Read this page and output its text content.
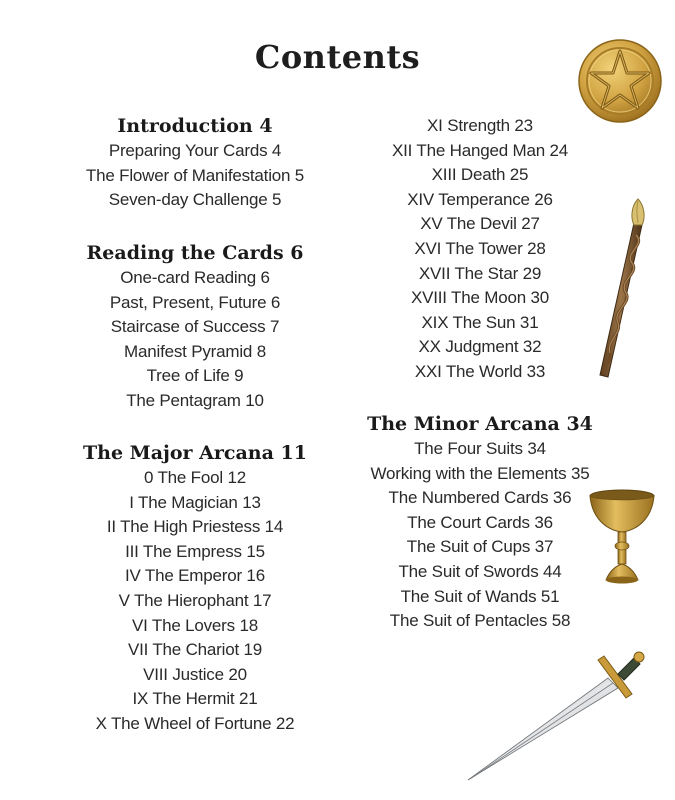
Contents
Introduction 4
Preparing Your Cards 4
The Flower of Manifestation 5
Seven-day Challenge 5
Reading the Cards 6
One-card Reading 6
Past, Present, Future 6
Staircase of Success 7
Manifest Pyramid 8
Tree of Life 9
The Pentagram 10
The Major Arcana 11
0 The Fool 12
I The Magician 13
II The High Priestess 14
III The Empress 15
IV The Emperor 16
V The Hierophant 17
VI The Lovers 18
VII The Chariot 19
VIII Justice 20
IX The Hermit 21
X The Wheel of Fortune 22
XI Strength 23
XII The Hanged Man 24
XIII Death 25
XIV Temperance 26
XV The Devil 27
XVI The Tower 28
XVII The Star 29
XVIII The Moon 30
XIX The Sun 31
XX Judgment 32
XXI The World 33
The Minor Arcana 34
The Four Suits 34
Working with the Elements 35
The Numbered Cards 36
The Court Cards 36
The Suit of Cups 37
The Suit of Swords 44
The Suit of Wands 51
The Suit of Pentacles 58
